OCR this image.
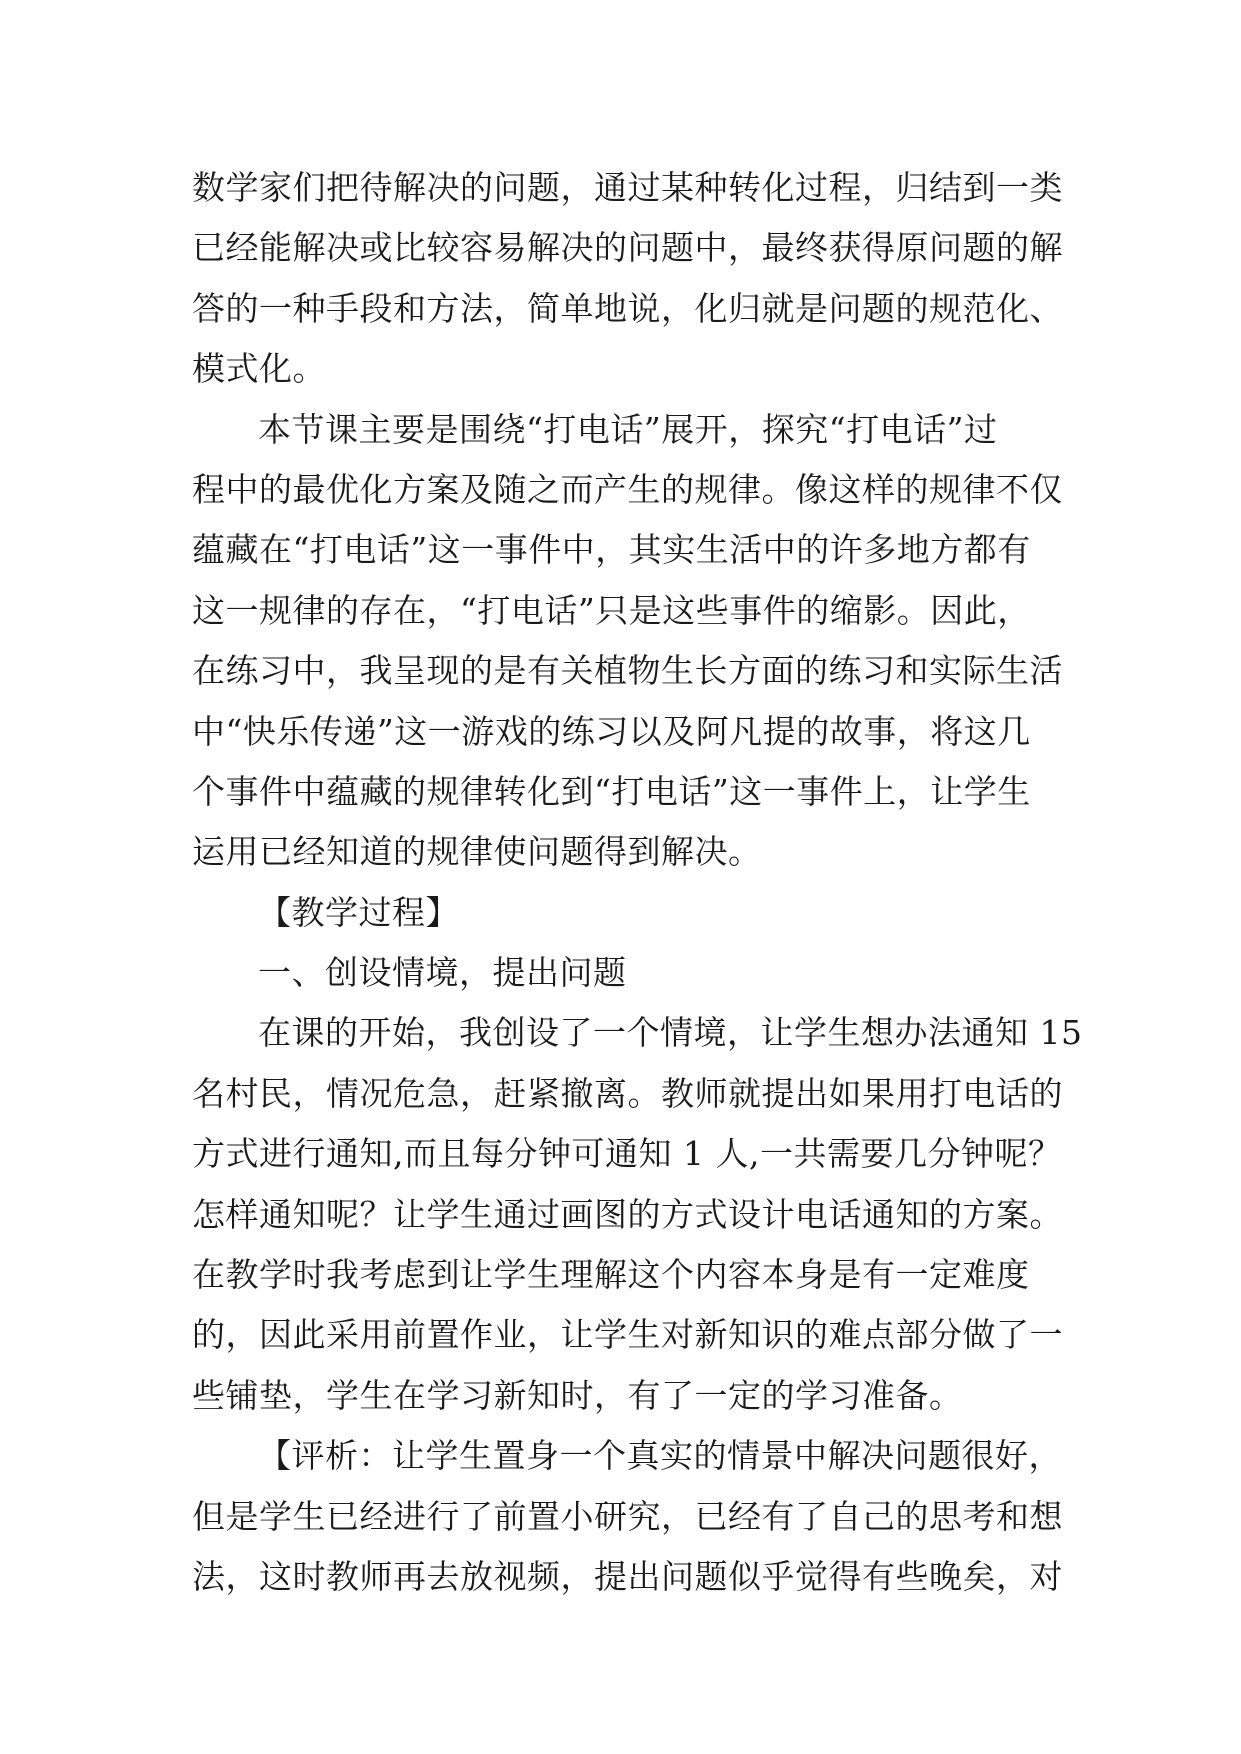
数学家们把待解决的问题，通过某种转化过程，归结到一类
已经能解决或比较容易解决的问题中，最终获得原问题的解
答的一种手段和方法，简单地说，化归就是问题的规范化、
模式化。
本节课主要是围绕“打电话”展开，探究“打电话”过
程中的最优化方案及随之而产生的规律。像这样的规律不仅
蕴藏在“打电话”这一事件中，其实生活中的许多地方都有
这一规律的存在，“打电话”只是这些事件的缩影。因此，
在练习中，我呈现的是有关植物生长方面的练习和实际生活
中“快乐传递”这一游戏的练习以及阿凡提的故事，将这几
个事件中蕴藏的规律转化到“打电话”这一事件上，让学生
运用已经知道的规律使问题得到解决。
【教学过程】
一、创设情境，提出问题
在课的开始，我创设了一个情境，让学生想办法通知 15
名村民，情况危急，赶紧撤离。教师就提出如果用打电话的
方式进行通知,而且每分钟可通知 1 人,一共需要几分钟呢？
怎样通知呢？让学生通过画图的方式设计电话通知的方案。
在教学时我考虑到让学生理解这个内容本身是有一定难度
的，因此采用前置作业，让学生对新知识的难点部分做了一
些铺垫，学生在学习新知时，有了一定的学习准备。
【评析：让学生置身一个真实的情景中解决问题很好，
但是学生已经进行了前置小研究，已经有了自己的思考和想
法，这时教师再去放视频，提出问题似乎觉得有些晚矣，对
